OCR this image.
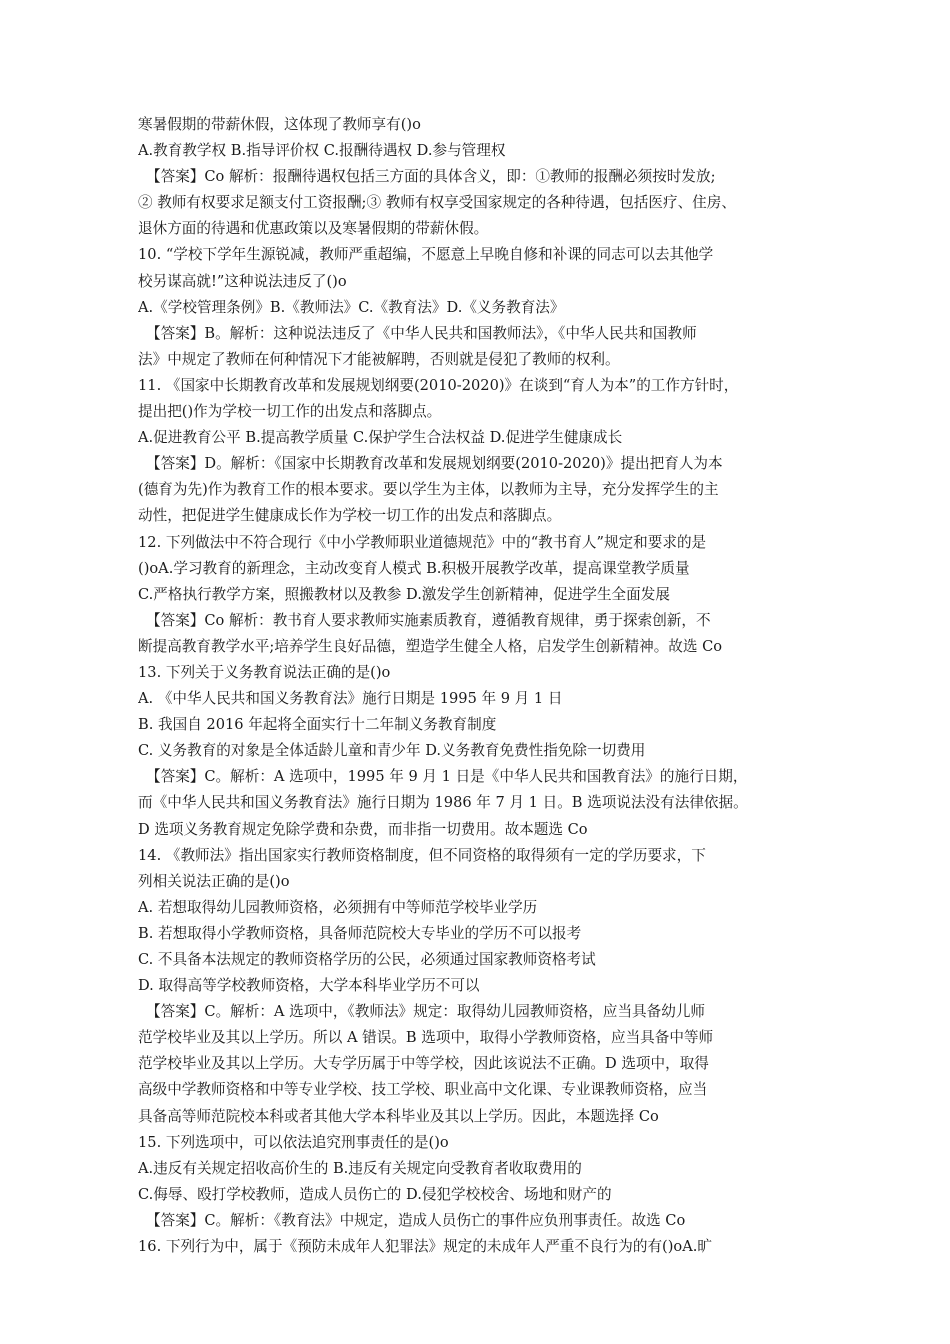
寒暑假期的带薪休假，这体现了教师享有()o
A.教育教学权 B.指导评价权 C.报酬待遇权 D.参与管理权
【答案】Co 解析：报酬待遇权包括三方面的具体含义，即：①教师的报酬必须按时发放;
② 教师有权要求足额支付工资报酬;③ 教师有权享受国家规定的各种待遇，包括医疗、住房、
退休方面的待遇和优惠政策以及寒暑假期的带薪休假。
10. “学校下学年生源锐减，教师严重超编，不愿意上早晚自修和补课的同志可以去其他学
校另谋高就!”这种说法违反了()o
A.《学校管理条例》B.《教师法》C.《教育法》D.《义务教育法》
【答案】B。解析：这种说法违反了《中华人民共和国教师法》，《中华人民共和国教师
法》中规定了教师在何种情况下才能被解聘，否则就是侵犯了教师的权利。
11. 《国家中长期教育改革和发展规划纲要(2010-2020)》在谈到“育人为本”的工作方针时，
提出把()作为学校一切工作的出发点和落脚点。
A.促进教育公平 B.提高教学质量 C.保护学生合法权益 D.促进学生健康成长
【答案】D。解析：《国家中长期教育改革和发展规划纲要(2010-2020)》提出把育人为本
(德育为先)作为教育工作的根本要求。要以学生为主体，以教师为主导，充分发挥学生的主
动性，把促进学生健康成长作为学校一切工作的出发点和落脚点。
12. 下列做法中不符合现行《中小学教师职业道德规范》中的“教书育人”规定和要求的是
()oA.学习教育的新理念，主动改变育人模式 B.积极开展教学改革，提高课堂教学质量
C.严格执行教学方案，照搬教材以及教参 D.激发学生创新精神，促进学生全面发展
【答案】Co 解析：教书育人要求教师实施素质教育，遵循教育规律，勇于探索创新，不
断提高教育教学水平;培养学生良好品德，塑造学生健全人格，启发学生创新精神。故选 Co
13. 下列关于义务教育说法正确的是()o
A. 《中华人民共和国义务教育法》施行日期是 1995 年 9 月 1 日
B. 我国自 2016 年起将全面实行十二年制义务教育制度
C. 义务教育的对象是全体适龄儿童和青少年 D.义务教育免费性指免除一切费用
【答案】C。解析：A 选项中，1995 年 9 月 1 日是《中华人民共和国教育法》的施行日期，
而《中华人民共和国义务教育法》施行日期为 1986 年 7 月 1 日。B 选项说法没有法律依据。
D 选项义务教育规定免除学费和杂费，而非指一切费用。故本题选 Co
14. 《教师法》指出国家实行教师资格制度，但不同资格的取得须有一定的学历要求，下
列相关说法正确的是()o
A. 若想取得幼儿园教师资格，必须拥有中等师范学校毕业学历
B. 若想取得小学教师资格，具备师范院校大专毕业的学历不可以报考
C. 不具备本法规定的教师资格学历的公民，必须通过国家教师资格考试
D. 取得高等学校教师资格，大学本科毕业学历不可以
【答案】C。解析：A 选项中，《教师法》规定：取得幼儿园教师资格，应当具备幼儿师
范学校毕业及其以上学历。所以 A 错误。B 选项中，取得小学教师资格，应当具备中等师
范学校毕业及其以上学历。大专学历属于中等学校，因此该说法不正确。D 选项中，取得
高级中学教师资格和中等专业学校、技工学校、职业高中文化课、专业课教师资格，应当
具备高等师范院校本科或者其他大学本科毕业及其以上学历。因此，本题选择 Co
15. 下列选项中，可以依法追究刑事责任的是()o
A.违反有关规定招收高价生的 B.违反有关规定向受教育者收取费用的
C.侮辱、殴打学校教师，造成人员伤亡的 D.侵犯学校校舍、场地和财产的
【答案】C。解析：《教育法》中规定，造成人员伤亡的事件应负刑事责任。故选 Co
16. 下列行为中，属于《预防未成年人犯罪法》规定的未成年人严重不良行为的有()oA.旷
